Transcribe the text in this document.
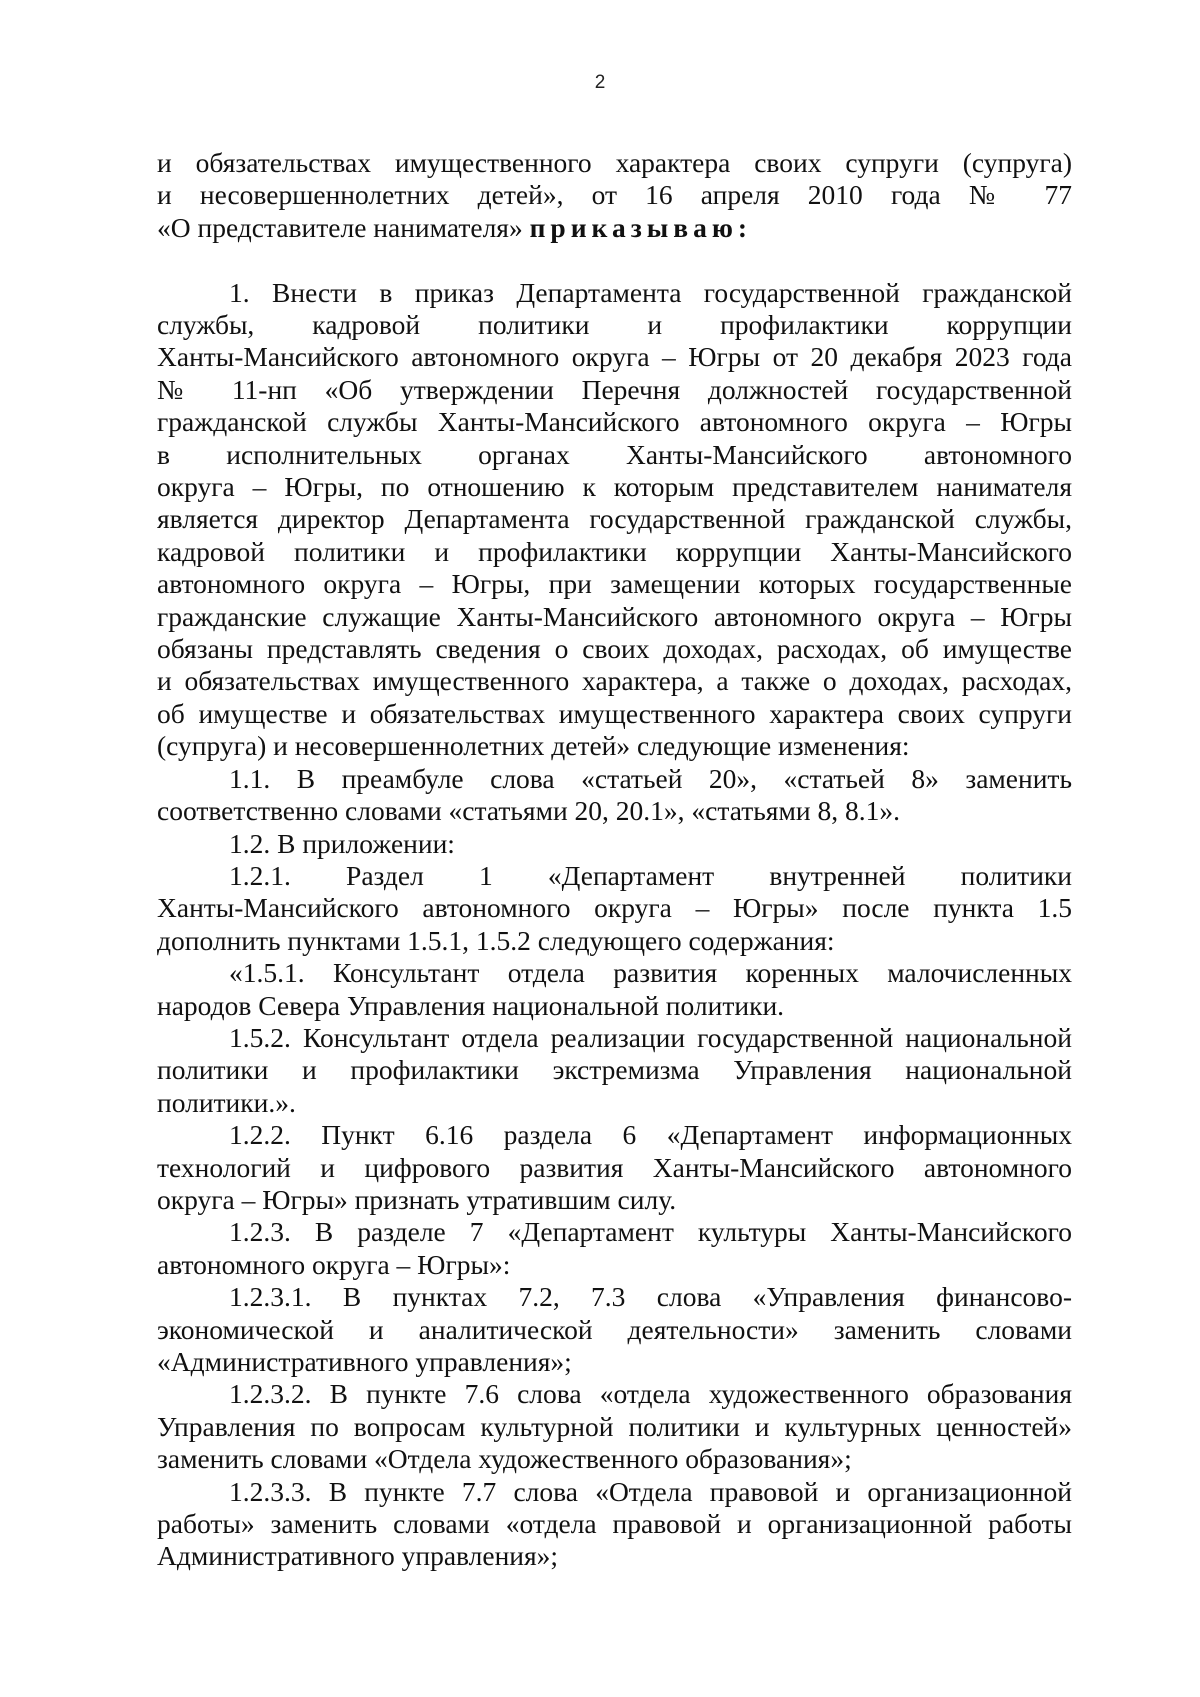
2
и обязательствах имущественного характера своих супруги (супруга)
и несовершеннолетних детей», от 16 апреля 2010 года № 77
«О представителе нанимателя» приказываю:
1. Внести в приказ Департамента государственной гражданской
службы, кадровой политики и профилактики коррупции
Ханты-Мансийского автономного округа – Югры от 20 декабря 2023 года
№ 11-нп «Об утверждении Перечня должностей государственной
гражданской службы Ханты-Мансийского автономного округа – Югры
в исполнительных органах Ханты-Мансийского автономного
округа – Югры, по отношению к которым представителем нанимателя
является директор Департамента государственной гражданской службы,
кадровой политики и профилактики коррупции Ханты-Мансийского
автономного округа – Югры, при замещении которых государственные
гражданские служащие Ханты-Мансийского автономного округа – Югры
обязаны представлять сведения о своих доходах, расходах, об имуществе
и обязательствах имущественного характера, а также о доходах, расходах,
об имуществе и обязательствах имущественного характера своих супруги
(супруга) и несовершеннолетних детей» следующие изменения:
1.1. В преамбуле слова «статьей 20», «статьей 8» заменить
соответственно словами «статьями 20, 20.1», «статьями 8, 8.1».
1.2. В приложении:
1.2.1. Раздел 1 «Департамент внутренней политики
Ханты-Мансийского автономного округа – Югры» после пункта 1.5
дополнить пунктами 1.5.1, 1.5.2 следующего содержания:
«1.5.1. Консультант отдела развития коренных малочисленных
народов Севера Управления национальной политики.
1.5.2. Консультант отдела реализации государственной национальной
политики и профилактики экстремизма Управления национальной
политики.».
1.2.2. Пункт 6.16 раздела 6 «Департамент информационных
технологий и цифрового развития Ханты-Мансийского автономного
округа – Югры» признать утратившим силу.
1.2.3. В разделе 7 «Департамент культуры Ханты-Мансийского
автономного округа – Югры»:
1.2.3.1. В пунктах 7.2, 7.3 слова «Управления финансово-
экономической и аналитической деятельности» заменить словами
«Административного управления»;
1.2.3.2. В пункте 7.6 слова «отдела художественного образования
Управления по вопросам культурной политики и культурных ценностей»
заменить словами «Отдела художественного образования»;
1.2.3.3. В пункте 7.7 слова «Отдела правовой и организационной
работы» заменить словами «отдела правовой и организационной работы
Административного управления»;
